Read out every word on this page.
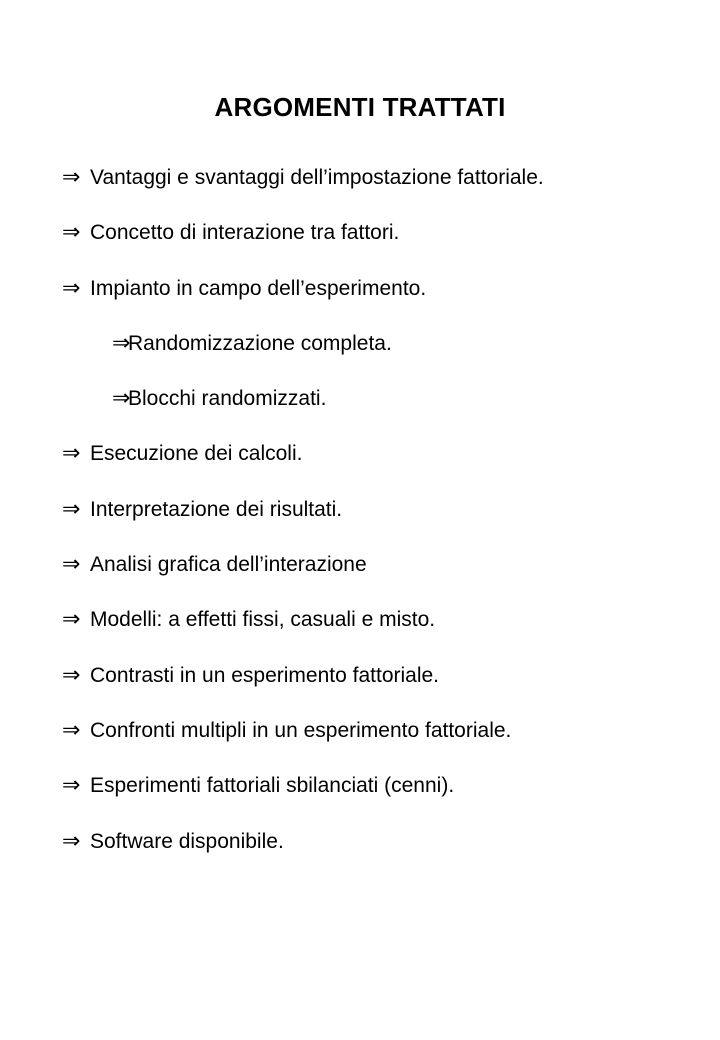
ARGOMENTI TRATTATI
⇒ Vantaggi e svantaggi dell’impostazione fattoriale.
⇒ Concetto di interazione tra fattori.
⇒ Impianto in campo dell’esperimento.
⇒
Randomizzazione completa.
⇒
Blocchi randomizzati.
⇒ Esecuzione dei calcoli.
⇒ Interpretazione dei risultati.
⇒ Analisi grafica dell’interazione
⇒ Modelli: a effetti fissi, casuali e misto.
⇒ Contrasti in un esperimento fattoriale.
⇒ Confronti multipli in un esperimento fattoriale.
⇒ Esperimenti fattoriali sbilanciati (cenni).
⇒ Software disponibile.
